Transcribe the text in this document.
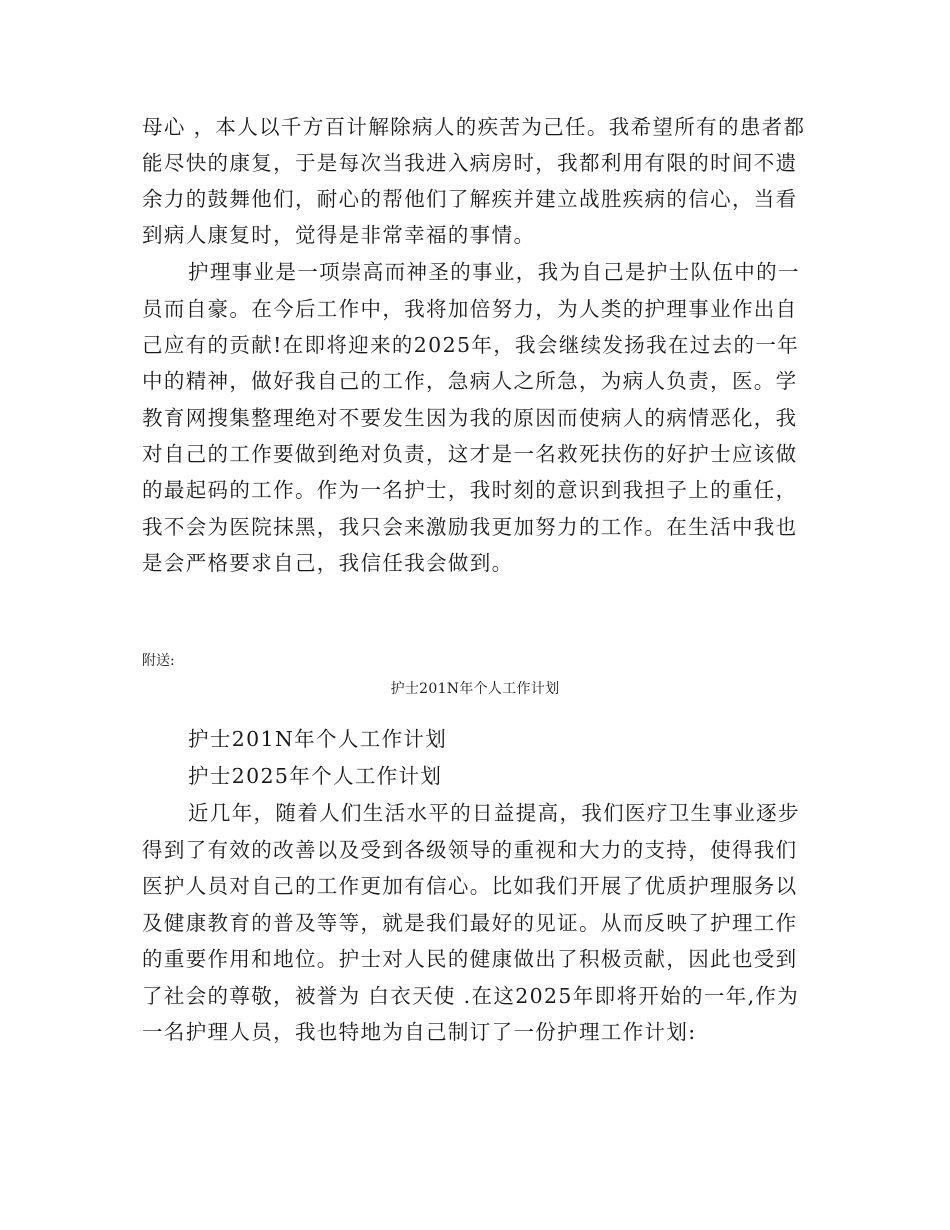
母心 ，本人以千方百计解除病人的疾苦为己任。我希望所有的患者都
能尽快的康复，于是每次当我进入病房时，我都利用有限的时间不遗
余力的鼓舞他们，耐心的帮他们了解疾并建立战胜疾病的信心，当看
到病人康复时，觉得是非常幸福的事情。
护理事业是一项崇高而神圣的事业，我为自己是护士队伍中的一
员而自豪。在今后工作中，我将加倍努力，为人类的护理事业作出自
己应有的贡献!在即将迎来的2025年，我会继续发扬我在过去的一年
中的精神，做好我自己的工作，急病人之所急，为病人负责，医。学
教育网搜集整理绝对不要发生因为我的原因而使病人的病情恶化，我
对自己的工作要做到绝对负责，这才是一名救死扶伤的好护士应该做
的最起码的工作。作为一名护士，我时刻的意识到我担子上的重任，
我不会为医院抹黑，我只会来激励我更加努力的工作。在生活中我也
是会严格要求自己，我信任我会做到。
附送:
护士201N年个人工作计划
护士201N年个人工作计划
护士2025年个人工作计划
近几年，随着人们生活水平的日益提高，我们医疗卫生事业逐步
得到了有效的改善以及受到各级领导的重视和大力的支持，使得我们
医护人员对自己的工作更加有信心。比如我们开展了优质护理服务以
及健康教育的普及等等，就是我们最好的见证。从而反映了护理工作
的重要作用和地位。护士对人民的健康做出了积极贡献，因此也受到
了社会的尊敬，被誉为 白衣天使 .在这2025年即将开始的一年,作为
一名护理人员，我也特地为自己制订了一份护理工作计划:
